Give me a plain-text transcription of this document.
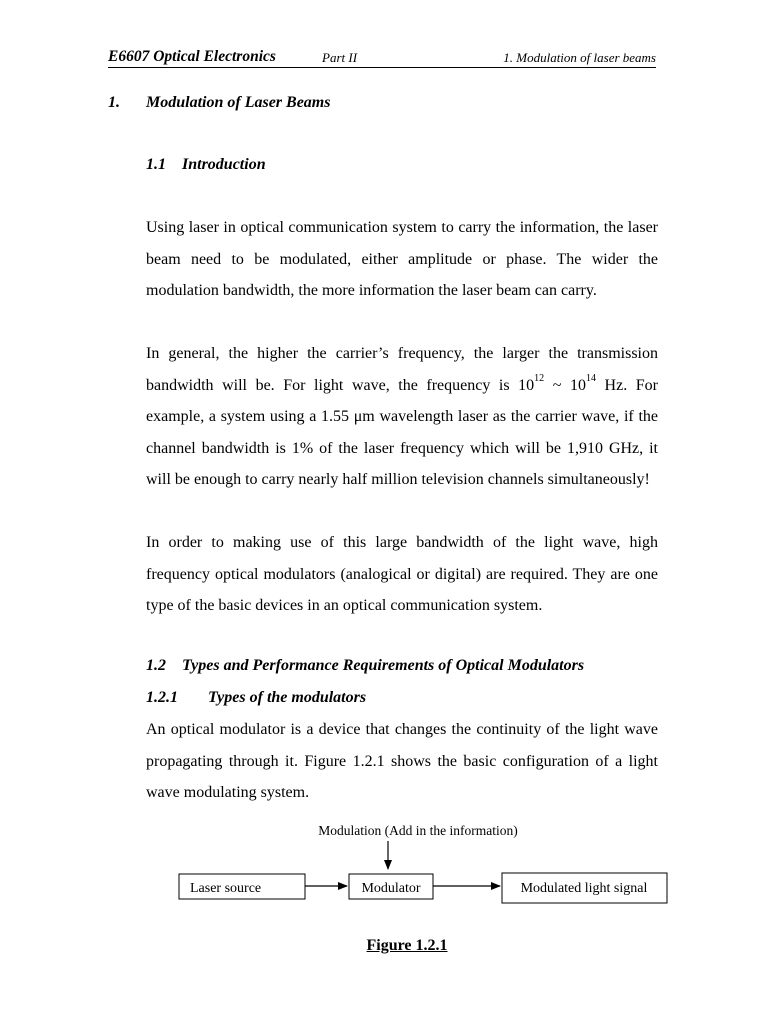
E6607 Optical Electronics	Part II	1. Modulation of laser beams
1. Modulation of Laser Beams
1.1 Introduction
Using laser in optical communication system to carry the information, the laser beam need to be modulated, either amplitude or phase. The wider the modulation bandwidth, the more information the laser beam can carry.
In general, the higher the carrier’s frequency, the larger the transmission bandwidth will be. For light wave, the frequency is $10^{12}$ ~ $10^{14}$ Hz. For example, a system using a 1.55 μm wavelength laser as the carrier wave, if the channel bandwidth is 1% of the laser frequency which will be 1,910 GHz, it will be enough to carry nearly half million television channels simultaneously!
In order to making use of this large bandwidth of the light wave, high frequency optical modulators (analogical or digital) are required. They are one type of the basic devices in an optical communication system.
1.2 Types and Performance Requirements of Optical Modulators
1.2.1 Types of the modulators
An optical modulator is a device that changes the continuity of the light wave propagating through it. Figure 1.2.1 shows the basic configuration of a light wave modulating system.
Modulation (Add in the information)
Laser source	Modulator	Modulated light signal
Figure 1.2.1
